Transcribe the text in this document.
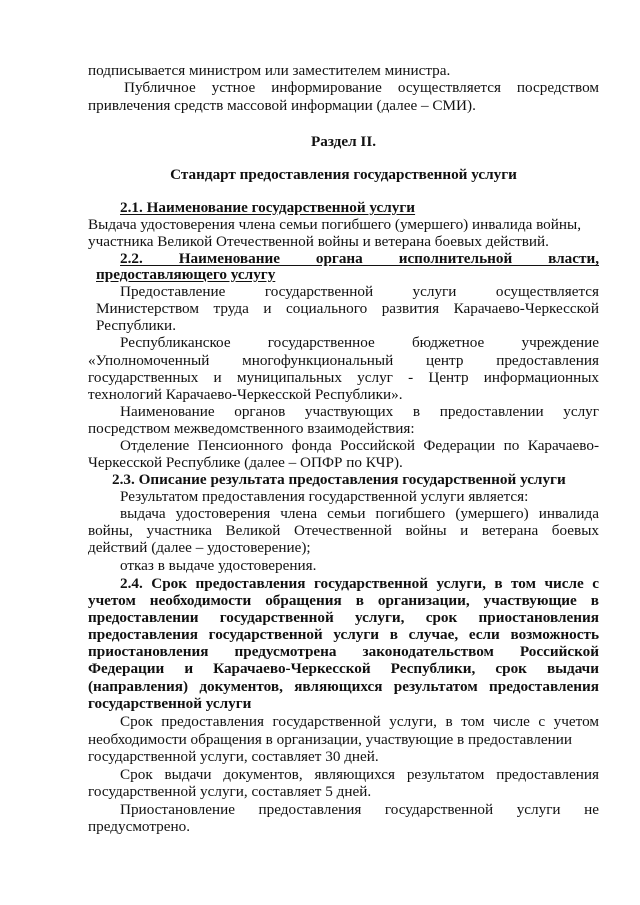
подписывается министром или заместителем министра.
Публичное устное информирование осуществляется посредством
привлечения средств массовой информации (далее – СМИ).
Раздел II.
Стандарт предоставления государственной услуги
2.1. Наименование государственной услуги
Выдача удостоверения члена семьи погибшего (умершего) инвалида войны,
участника Великой Отечественной войны и ветерана боевых действий.
2.2. Наименование органа исполнительной власти,
предоставляющего услугу
Предоставление государственной услуги осуществляется
Министерством труда и социального развития Карачаево-Черкесской
Республики.
Республиканское государственное бюджетное учреждение
«Уполномоченный многофункциональный центр предоставления
государственных и муниципальных услуг - Центр информационных
технологий Карачаево-Черкесской Республики».
Наименование органов участвующих в предоставлении услуг
посредством межведомственного взаимодействия:
Отделение Пенсионного фонда Российской Федерации по Карачаево-
Черкесской Республике (далее – ОПФР по КЧР).
2.3. Описание результата предоставления государственной услуги
Результатом предоставления государственной услуги является:
выдача удостоверения члена семьи погибшего (умершего) инвалида
войны, участника Великой Отечественной войны и ветерана боевых
действий (далее – удостоверение);
отказ в выдаче удостоверения.
2.4. Срок предоставления государственной услуги, в том числе с
учетом необходимости обращения в организации, участвующие в
предоставлении государственной услуги, срок приостановления
предоставления государственной услуги в случае, если возможность
приостановления предусмотрена законодательством Российской
Федерации и Карачаево-Черкесской Республики, срок выдачи
(направления) документов, являющихся результатом предоставления
государственной услуги
Срок предоставления государственной услуги, в том числе с учетом
необходимости обращения в организации, участвующие в предоставлении
государственной услуги, составляет 30 дней.
Срок выдачи документов, являющихся результатом предоставления
государственной услуги, составляет 5 дней.
Приостановление предоставления государственной услуги не
предусмотрено.
